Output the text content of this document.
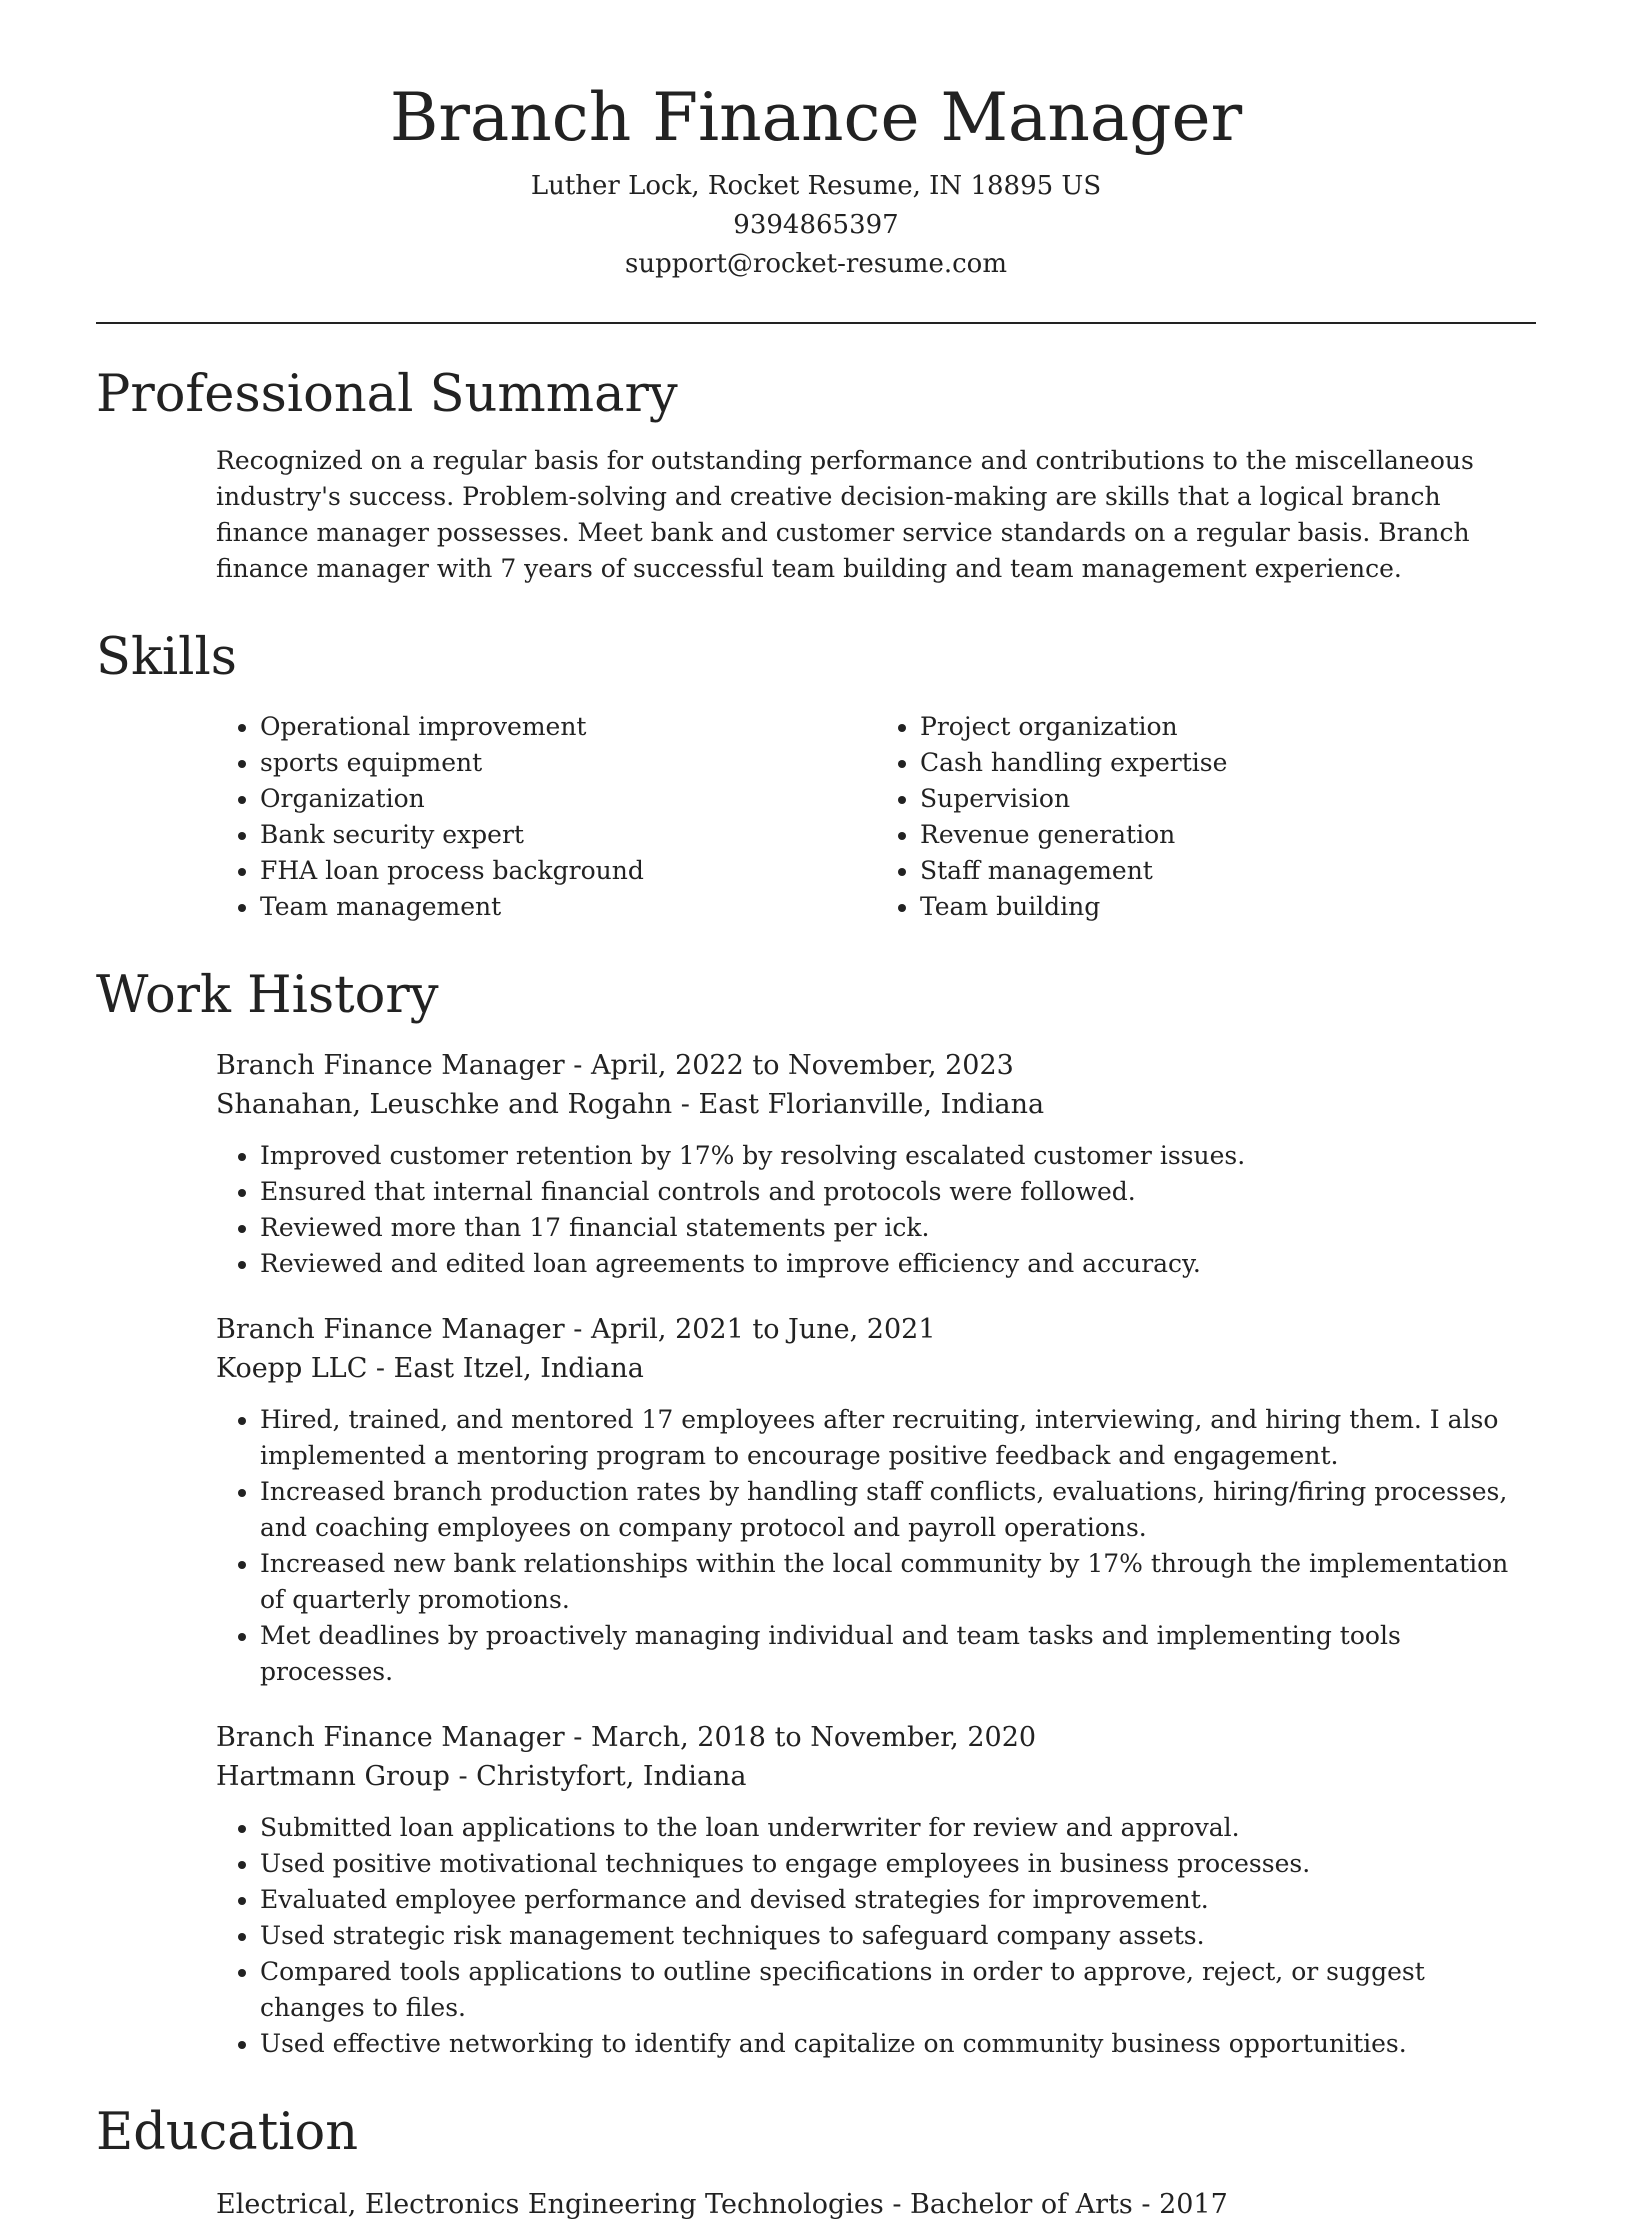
Branch Finance Manager
Luther Lock, Rocket Resume, IN 18895 US
9394865397
support@rocket-resume.com
Professional Summary
Recognized on a regular basis for outstanding performance and contributions to the miscellaneous industry's success. Problem-solving and creative decision-making are skills that a logical branch finance manager possesses. Meet bank and customer service standards on a regular basis. Branch finance manager with 7 years of successful team building and team management experience.
Skills
• Operational improvement
• sports equipment
• Organization
• Bank security expert
• FHA loan process background
• Team management
• Project organization
• Cash handling expertise
• Supervision
• Revenue generation
• Staff management
• Team building
Work History
Branch Finance Manager - April, 2022 to November, 2023
Shanahan, Leuschke and Rogahn - East Florianville, Indiana
• Improved customer retention by 17% by resolving escalated customer issues.
• Ensured that internal financial controls and protocols were followed.
• Reviewed more than 17 financial statements per ick.
• Reviewed and edited loan agreements to improve efficiency and accuracy.
Branch Finance Manager - April, 2021 to June, 2021
Koepp LLC - East Itzel, Indiana
• Hired, trained, and mentored 17 employees after recruiting, interviewing, and hiring them. I also implemented a mentoring program to encourage positive feedback and engagement.
• Increased branch production rates by handling staff conflicts, evaluations, hiring/firing processes, and coaching employees on company protocol and payroll operations.
• Increased new bank relationships within the local community by 17% through the implementation of quarterly promotions.
• Met deadlines by proactively managing individual and team tasks and implementing tools processes.
Branch Finance Manager - March, 2018 to November, 2020
Hartmann Group - Christyfort, Indiana
• Submitted loan applications to the loan underwriter for review and approval.
• Used positive motivational techniques to engage employees in business processes.
• Evaluated employee performance and devised strategies for improvement.
• Used strategic risk management techniques to safeguard company assets.
• Compared tools applications to outline specifications in order to approve, reject, or suggest changes to files.
• Used effective networking to identify and capitalize on community business opportunities.
Education
Electrical, Electronics Engineering Technologies - Bachelor of Arts - 2017
